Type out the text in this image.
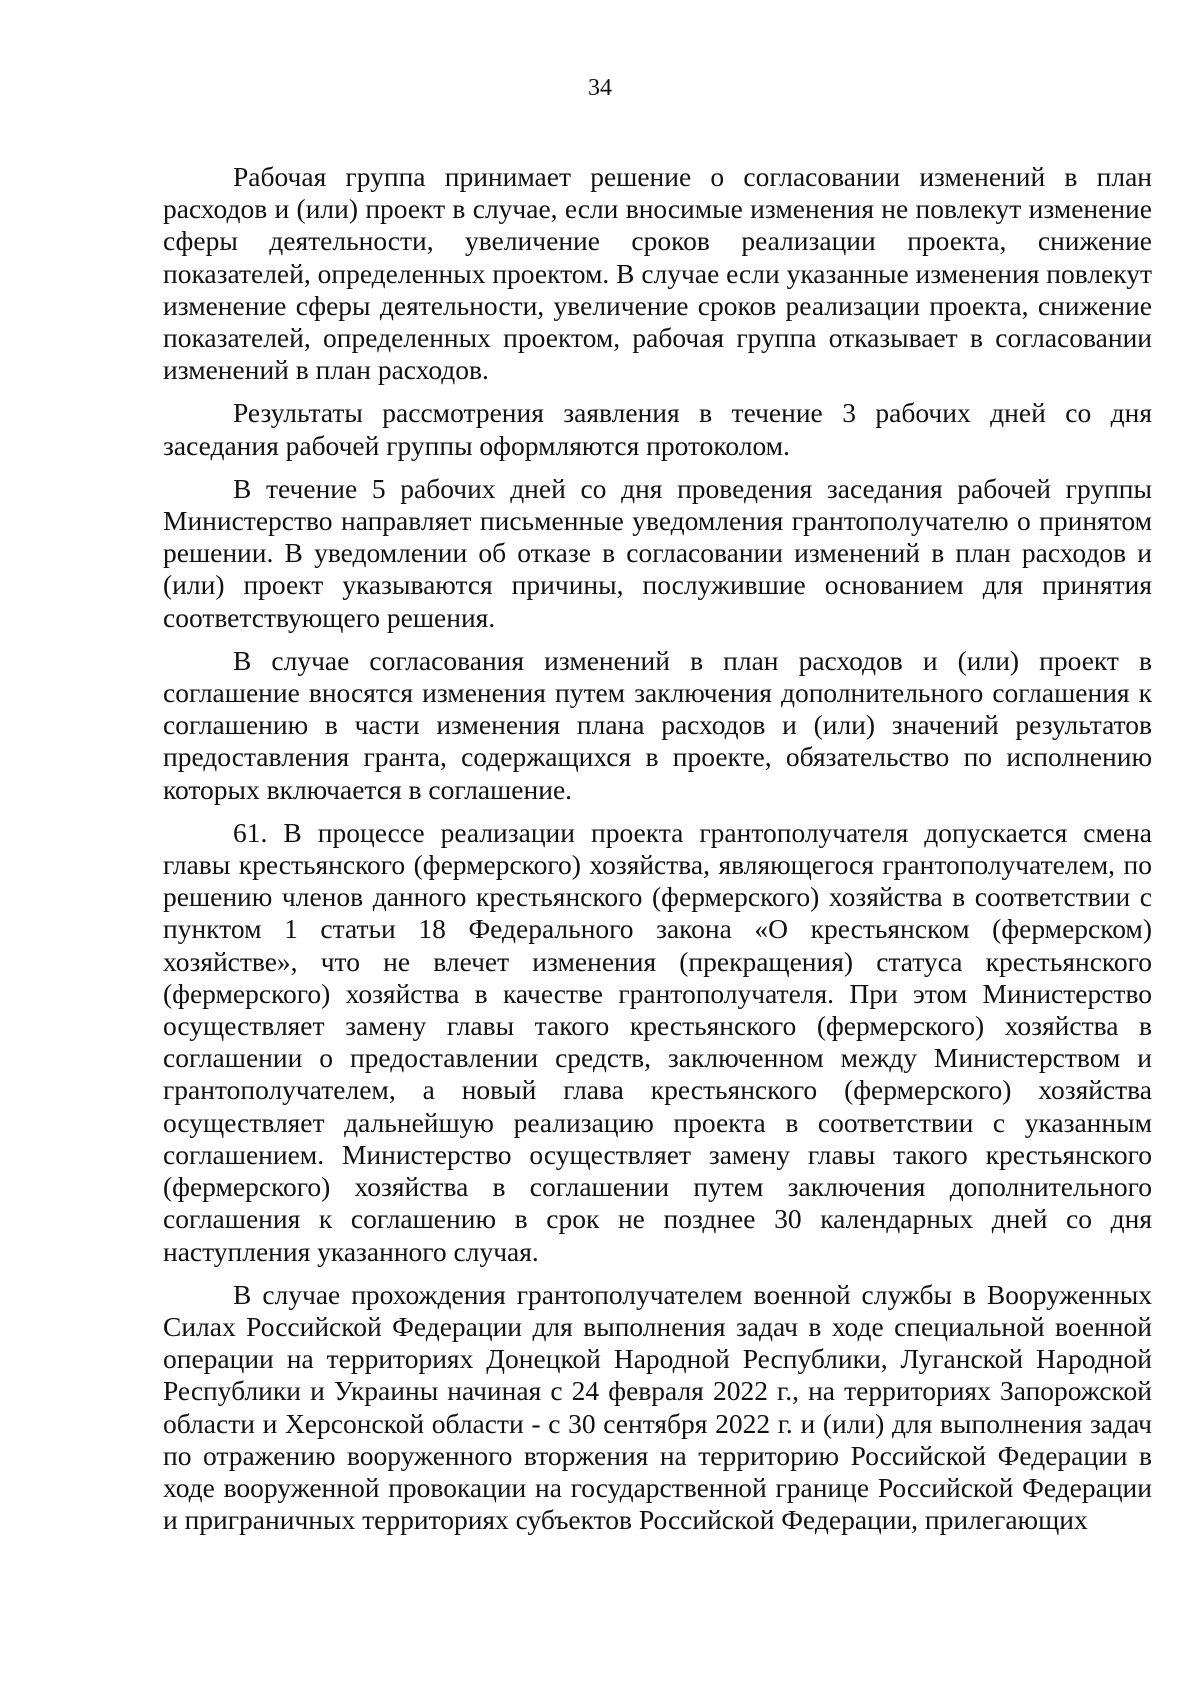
34

Рабочая группа принимает решение о согласовании изменений в план расходов и (или) проект в случае, если вносимые изменения не повлекут изменение сферы деятельности, увеличение сроков реализации проекта, снижение показателей, определенных проектом. В случае если указанные изменения повлекут изменение сферы деятельности, увеличение сроков реализации проекта, снижение показателей, определенных проектом, рабочая группа отказывает в согласовании изменений в план расходов.

Результаты рассмотрения заявления в течение 3 рабочих дней со дня заседания рабочей группы оформляются протоколом.

В течение 5 рабочих дней со дня проведения заседания рабочей группы Министерство направляет письменные уведомления грантополучателю о принятом решении. В уведомлении об отказе в согласовании изменений в план расходов и (или) проект указываются причины, послужившие основанием для принятия соответствующего решения.

В случае согласования изменений в план расходов и (или) проект в соглашение вносятся изменения путем заключения дополнительного соглашения к соглашению в части изменения плана расходов и (или) значений результатов предоставления гранта, содержащихся в проекте, обязательство по исполнению которых включается в соглашение.

61. В процессе реализации проекта грантополучателя допускается смена главы крестьянского (фермерского) хозяйства, являющегося грантополучателем, по решению членов данного крестьянского (фермерского) хозяйства в соответствии с пунктом 1 статьи 18 Федерального закона «О крестьянском (фермерском) хозяйстве», что не влечет изменения (прекращения) статуса крестьянского (фермерского) хозяйства в качестве грантополучателя. При этом Министерство осуществляет замену главы такого крестьянского (фермерского) хозяйства в соглашении о предоставлении средств, заключенном между Министерством и грантополучателем, а новый глава крестьянского (фермерского) хозяйства осуществляет дальнейшую реализацию проекта в соответствии с указанным соглашением. Министерство осуществляет замену главы такого крестьянского (фермерского) хозяйства в соглашении путем заключения дополнительного соглашения к соглашению в срок не позднее 30 календарных дней со дня наступления указанного случая.

В случае прохождения грантополучателем военной службы в Вооруженных Силах Российской Федерации для выполнения задач в ходе специальной военной операции на территориях Донецкой Народной Республики, Луганской Народной Республики и Украины начиная с 24 февраля 2022 г., на территориях Запорожской области и Херсонской области - с 30 сентября 2022 г. и (или) для выполнения задач по отражению вооруженного вторжения на территорию Российской Федерации в ходе вооруженной провокации на государственной границе Российской Федерации и приграничных территориях субъектов Российской Федерации, прилегающих
